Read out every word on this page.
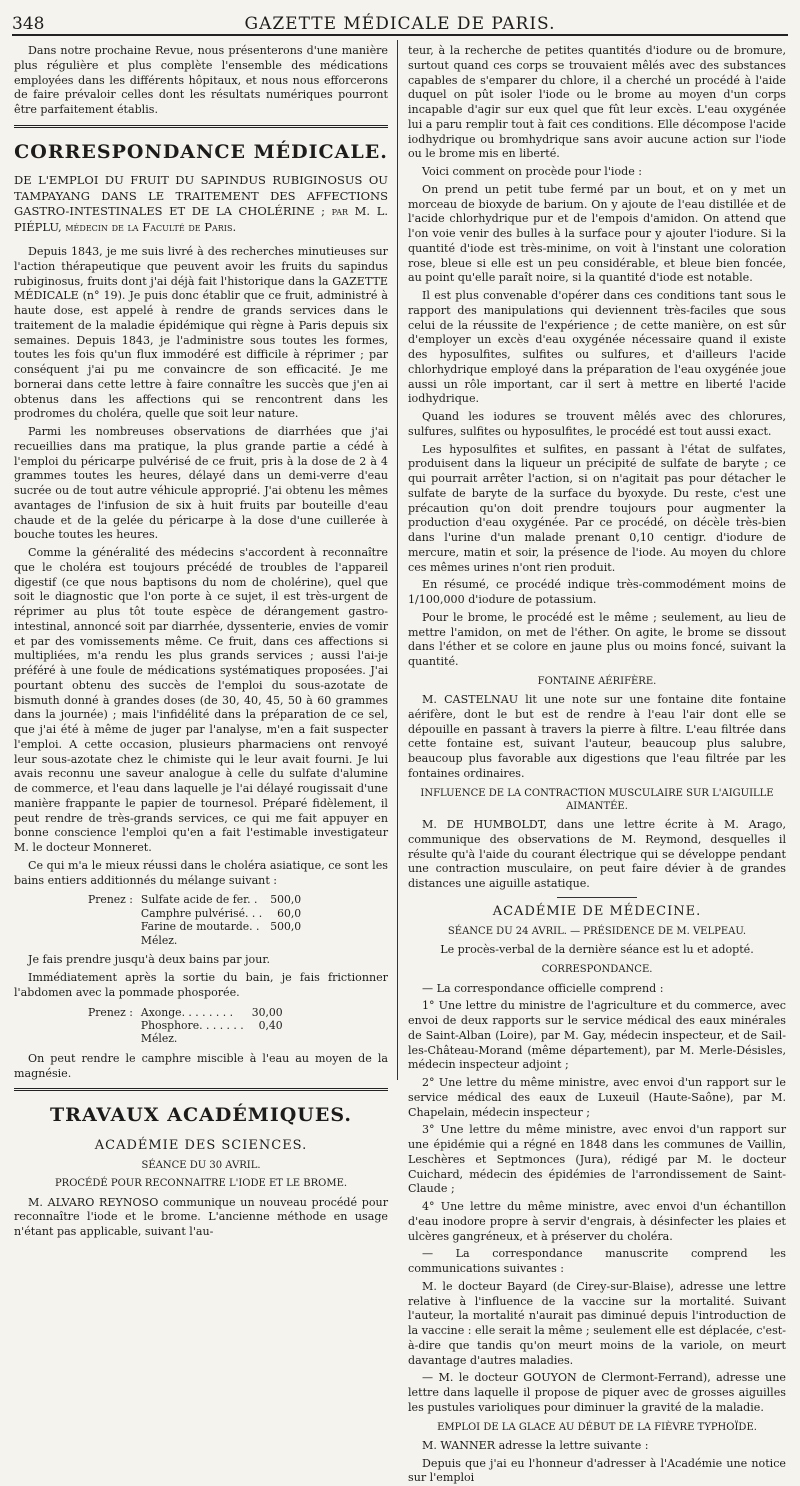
348	GAZETTE MÉDICALE DE PARIS.

Dans notre prochaine Revue, nous présenterons d'une manière plus régulière et plus complète l'ensemble des médications employées dans les différents hôpitaux, et nous nous efforcerons de faire prévaloir celles dont les résultats numériques pourront être parfaitement établis.

CORRESPONDANCE MÉDICALE.

DE L'EMPLOI DU FRUIT DU SAPINDUS RUBIGINOSUS OU TAMPAYANG DANS LE TRAITEMENT DES AFFECTIONS GASTRO-INTESTINALES ET DE LA CHOLÉRINE ; par M. L. PIÉPLU, médecin de la Faculté de Paris.

Depuis 1843, je me suis livré à des recherches minutieuses sur l'action thérapeutique que peuvent avoir les fruits du sapindus rubiginosus, fruits dont j'ai déjà fait l'historique dans la GAZETTE MÉDICALE (n° 19). Je puis donc établir que ce fruit, administré à haute dose, est appelé à rendre de grands services dans le traitement de la maladie épidémique qui règne à Paris depuis six semaines. Depuis 1843, je l'administre sous toutes les formes, toutes les fois qu'un flux immodéré est difficile à réprimer ; par conséquent j'ai pu me convaincre de son efficacité. Je me bornerai dans cette lettre à faire connaître les succès que j'en ai obtenus dans les affections qui se rencontrent dans les prodromes du choléra, quelle que soit leur nature.

Parmi les nombreuses observations de diarrhées que j'ai recueillies dans ma pratique, la plus grande partie a cédé à l'emploi du péricarpe pulvérisé de ce fruit, pris à la dose de 2 à 4 grammes toutes les heures, délayé dans un demi-verre d'eau sucrée ou de tout autre véhicule approprié. J'ai obtenu les mêmes avantages de l'infusion de six à huit fruits par bouteille d'eau chaude et de la gelée du péricarpe à la dose d'une cuillerée à bouche toutes les heures.

Comme la généralité des médecins s'accordent à reconnaître que le choléra est toujours précédé de troubles de l'appareil digestif (ce que nous baptisons du nom de cholérine), quel que soit le diagnostic que l'on porte à ce sujet, il est très-urgent de réprimer au plus tôt toute espèce de dérangement gastro-intestinal, annoncé soit par diarrhée, dyssenterie, envies de vomir et par des vomissements même. Ce fruit, dans ces affections si multipliées, m'a rendu les plus grands services ; aussi l'ai-je préféré à une foule de médications systématiques proposées. J'ai pourtant obtenu des succès de l'emploi du sous-azotate de bismuth donné à grandes doses (de 30, 40, 45, 50 à 60 grammes dans la journée) ; mais l'infidélité dans la préparation de ce sel, que j'ai été à même de juger par l'analyse, m'en a fait suspecter l'emploi. A cette occasion, plusieurs pharmaciens ont renvoyé leur sous-azotate chez le chimiste qui le leur avait fourni. Je lui avais reconnu une saveur analogue à celle du sulfate d'alumine de commerce, et l'eau dans laquelle je l'ai délayé rougissait d'une manière frappante le papier de tournesol. Préparé fidèlement, il peut rendre de très-grands services, ce qui me fait appuyer en bonne conscience l'emploi qu'en a fait l'estimable investigateur M. le docteur Monneret.

Ce qui m'a le mieux réussi dans le choléra asiatique, ce sont les bains entiers additionnés du mélange suivant :

Prenez :	Sulfate acide de fer. .	500,0
	Camphre pulvérisé. . .	60,0
	Farine de moutarde. .	500,0
	Mélez.	

Je fais prendre jusqu'à deux bains par jour.

Immédiatement après la sortie du bain, je fais frictionner l'abdomen avec la pommade phosporée.

Prenez :	Axonge. . . . . . . .	30,00
	Phosphore. . . . . . .	0,40
	Mélez.	

On peut rendre le camphre miscible à l'eau au moyen de la magnésie.

TRAVAUX ACADÉMIQUES.
ACADÉMIE DES SCIENCES.
SÉANCE DU 30 AVRIL.
PROCÉDÉ POUR RECONNAITRE L'IODE ET LE BROME.

M. ALVARO REYNOSO communique un nouveau procédé pour reconnaître l'iode et le brome. L'ancienne méthode en usage n'étant pas applicable, suivant l'au-

teur, à la recherche de petites quantités d'iodure ou de bromure, surtout quand ces corps se trouvaient mêlés avec des substances capables de s'emparer du chlore, il a cherché un procédé à l'aide duquel on pût isoler l'iode ou le brome au moyen d'un corps incapable d'agir sur eux quel que fût leur excès. L'eau oxygénée lui a paru remplir tout à fait ces conditions. Elle décompose l'acide iodhydrique ou bromhydrique sans avoir aucune action sur l'iode ou le brome mis en liberté.

Voici comment on procède pour l'iode :

On prend un petit tube fermé par un bout, et on y met un morceau de bioxyde de barium. On y ajoute de l'eau distillée et de l'acide chlorhydrique pur et de l'empois d'amidon. On attend que l'on voie venir des bulles à la surface pour y ajouter l'iodure. Si la quantité d'iode est très-minime, on voit à l'instant une coloration rose, bleue si elle est un peu considérable, et bleue bien foncée, au point qu'elle paraît noire, si la quantité d'iode est notable.

Il est plus convenable d'opérer dans ces conditions tant sous le rapport des manipulations qui deviennent très-faciles que sous celui de la réussite de l'expérience ; de cette manière, on est sûr d'employer un excès d'eau oxygénée nécessaire quand il existe des hyposulfites, sulfites ou sulfures, et d'ailleurs l'acide chlorhydrique employé dans la préparation de l'eau oxygénée joue aussi un rôle important, car il sert à mettre en liberté l'acide iodhydrique.

Quand les iodures se trouvent mêlés avec des chlorures, sulfures, sulfites ou hyposulfites, le procédé est tout aussi exact.

Les hyposulfites et sulfites, en passant à l'état de sulfates, produisent dans la liqueur un précipité de sulfate de baryte ; ce qui pourrait arrêter l'action, si on n'agitait pas pour détacher le sulfate de baryte de la surface du byoxyde. Du reste, c'est une précaution qu'on doit prendre toujours pour augmenter la production d'eau oxygénée. Par ce procédé, on décèle très-bien dans l'urine d'un malade prenant 0,10 centigr. d'iodure de mercure, matin et soir, la présence de l'iode. Au moyen du chlore ces mêmes urines n'ont rien produit.

En résumé, ce procédé indique très-commodément moins de 1/100,000 d'iodure de potassium.

Pour le brome, le procédé est le même ; seulement, au lieu de mettre l'amidon, on met de l'éther. On agite, le brome se dissout dans l'éther et se colore en jaune plus ou moins foncé, suivant la quantité.

FONTAINE AÉRIFÈRE.

M. CASTELNAU lit une note sur une fontaine dite fontaine aérifère, dont le but est de rendre à l'eau l'air dont elle se dépouille en passant à travers la pierre à filtre. L'eau filtrée dans cette fontaine est, suivant l'auteur, beaucoup plus salubre, beaucoup plus favorable aux digestions que l'eau filtrée par les fontaines ordinaires.

INFLUENCE DE LA CONTRACTION MUSCULAIRE SUR L'AIGUILLE AIMANTÉE.

M. DE HUMBOLDT, dans une lettre écrite à M. Arago, communique des observations de M. Reymond, desquelles il résulte qu'à l'aide du courant électrique qui se développe pendant une contraction musculaire, on peut faire dévier à de grandes distances une aiguille astatique.

ACADÉMIE DE MÉDECINE.
SÉANCE DU 24 AVRIL. — PRÉSIDENCE DE M. VELPEAU.

Le procès-verbal de la dernière séance est lu et adopté.

CORRESPONDANCE.

— La correspondance officielle comprend :

1° Une lettre du ministre de l'agriculture et du commerce, avec envoi de deux rapports sur le service médical des eaux minérales de Saint-Alban (Loire), par M. Gay, médecin inspecteur, et de Sail-les-Château-Morand (même département), par M. Merle-Désisles, médecin inspecteur adjoint ;

2° Une lettre du même ministre, avec envoi d'un rapport sur le service médical des eaux de Luxeuil (Haute-Saône), par M. Chapelain, médecin inspecteur ;

3° Une lettre du même ministre, avec envoi d'un rapport sur une épidémie qui a régné en 1848 dans les communes de Vaillin, Leschères et Septmonces (Jura), rédigé par M. le docteur Cuichard, médecin des épidémies de l'arrondissement de Saint-Claude ;

4° Une lettre du même ministre, avec envoi d'un échantillon d'eau inodore propre à servir d'engrais, à désinfecter les plaies et ulcères gangréneux, et à préserver du choléra.

— La correspondance manuscrite comprend les communications suivantes :

M. le docteur Bayard (de Cirey-sur-Blaise), adresse une lettre relative à l'influence de la vaccine sur la mortalité. Suivant l'auteur, la mortalité n'aurait pas diminué depuis l'introduction de la vaccine : elle serait la même ; seulement elle est déplacée, c'est-à-dire que tandis qu'on meurt moins de la variole, on meurt davantage d'autres maladies.

— M. le docteur GOUYON de Clermont-Ferrand), adresse une lettre dans laquelle il propose de piquer avec de grosses aiguilles les pustules varioliques pour diminuer la gravité de la maladie.

EMPLOI DE LA GLACE AU DÉBUT DE LA FIÈVRE TYPHOÏDE.

M. WANNER adresse la lettre suivante :

Depuis que j'ai eu l'honneur d'adresser à l'Académie une notice sur l'emploi
